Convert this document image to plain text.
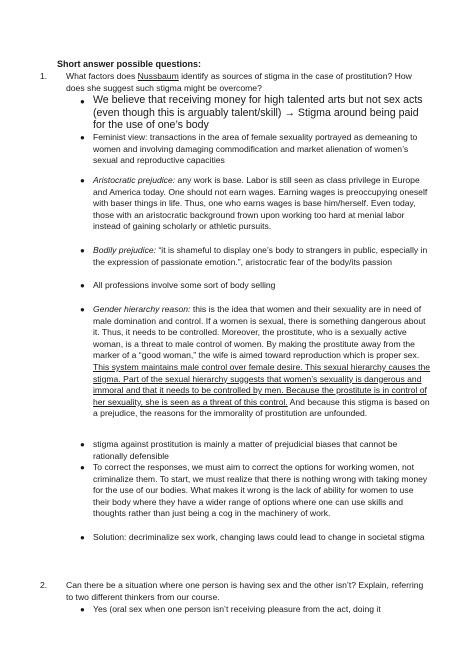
Short answer possible questions:
1.	What factors does Nussbaum identify as sources of stigma in the case of prostitution? How does she suggest such stigma might be overcome?
● We believe that receiving money for high talented arts but not sex acts (even though this is arguably talent/skill) → Stigma around being paid for the use of one’s body
● Feminist view: transactions in the area of female sexuality portrayed as demeaning to women and involving damaging commodification and market alienation of women’s sexual and reproductive capacities
● Aristocratic prejudice: any work is base. Labor is still seen as class privilege in Europe and America today. One should not earn wages. Earning wages is preoccupying oneself with baser things in life. Thus, one who earns wages is base him/herself. Even today, those with an aristocratic background frown upon working too hard at menial labor instead of gaining scholarly or athletic pursuits.
● Bodily prejudice: “it is shameful to display one’s body to strangers in public, especially in the expression of passionate emotion.”, aristocratic fear of the body/its passion
● All professions involve some sort of body selling
● Gender hierarchy reason: this is the idea that women and their sexuality are in need of male domination and control. If a women is sexual, there is something dangerous about it. Thus, it needs to be controlled. Moreover, the prostitute, who is a sexually active woman, is a threat to male control of women. By making the prostitute away from the marker of a “good woman,” the wife is aimed toward reproduction which is proper sex. This system maintains male control over female desire. This sexual hierarchy causes the stigma. Part of the sexual hierarchy suggests that women’s sexuality is dangerous and immoral and that it needs to be controlled by men. Because the prostitute is in control of her sexuality, she is seen as a threat of this control. And because this stigma is based on a prejudice, the reasons for the immorality of prostitution are unfounded.
● stigma against prostitution is mainly a matter of prejudicial biases that cannot be rationally defensible
● To correct the responses, we must aim to correct the options for working women, not criminalize them. To start, we must realize that there is nothing wrong with taking money for the use of our bodies. What makes it wrong is the lack of ability for women to use their body where they have a wider range of options where one can use skills and thoughts rather than just being a cog in the machinery of work.
● Solution: decriminalize sex work, changing laws could lead to change in societal stigma
2.	Can there be a situation where one person is having sex and the other isn’t? Explain, referring to two different thinkers from our course.
● Yes (oral sex when one person isn’t receiving pleasure from the act, doing it
